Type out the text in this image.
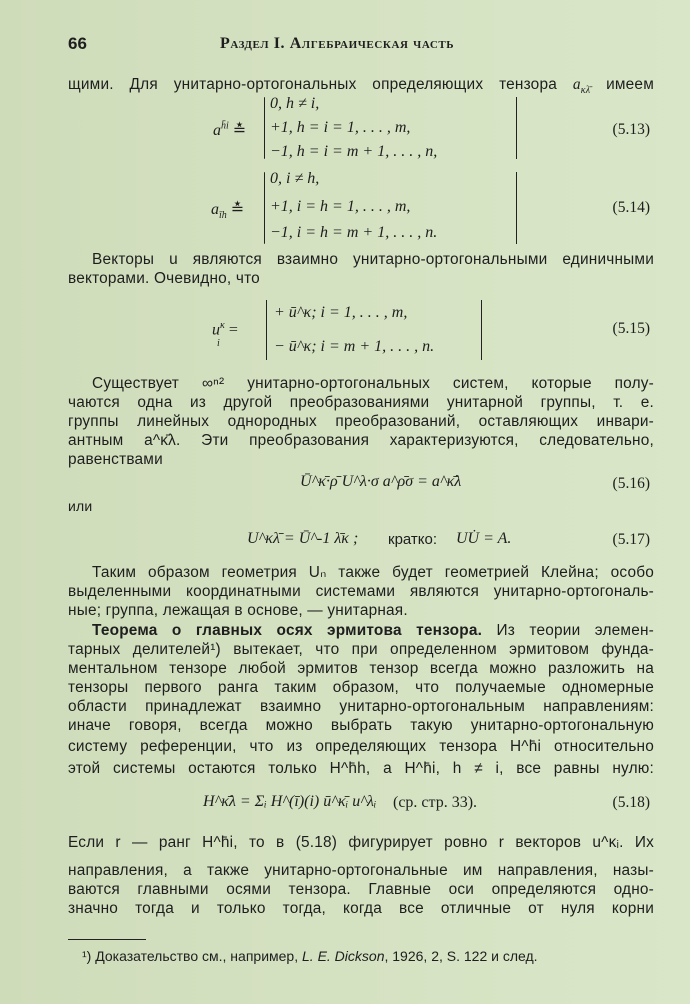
66	Раздел I. Алгебраическая часть
щими. Для унитарно-ортогональных определяющих тензора $a_{\kappa\lambdā}$ имеем
$a^{h̄i}$ ≛
0, h ≠ i,
+1, h = i = 1, . . . , m,
−1, h = i = m + 1, . . . , n,
(5.13)
$a_{īh}$ ≛
0, i ≠ h,
+1, i = h = 1, . . . , m,
−1, i = h = m + 1, . . . , n.
(5.14)
Векторы u являются взаимно унитарно-ортогональными единичными
векторами. Очевидно, что
$u^\kappa$ =
i
+ ū^κ; i = 1, . . . , m,
− ū^κ; i = m + 1, . . . , n.
(5.15)
Существует ∞ⁿ² унитарно-ортогональных систем, которые полу-
чаются одна из другой преобразованиями унитарной группы, т. е.
группы линейных однородных преобразований, оставляющих инвари-
антным a^κ̄λ. Эти преобразования характеризуются, следовательно,
равенствами
Ū^κ̄·ρ̄ U^λ·σ a^ρ̄σ = a^κ̄λ	(5.16)
или
U^κλ̄ = Ū^-1 λ̄κ ; кратко: UU̇ = A.	(5.17)
Таким образом геометрия Uₙ также будет геометрией Клейна; особо
выделенными координатными системами являются унитарно-ортогональ-
ные; группа, лежащая в основе, — унитарная.
Теорема о главных осях эрмитова тензора. Из теории элемен-
тарных делителей¹) вытекает, что при определенном эрмитовом фунда-
ментальном тензоре любой эрмитов тензор всегда можно разложить на
тензоры первого ранга таким образом, что получаемые одномерные
области принадлежат взаимно унитарно-ортогональным направлениям:
иначе говоря, всегда можно выбрать такую унитарно-ортогональную
систему референции, что из определяющих тензора H^h̄i относительно
этой системы остаются только H^h̄h, а H^h̄i, h ≠ i, все равны нулю:
H^κ̄λ = Σᵢ H^(ī)(i) ū^κ̄ᵢ u^λᵢ (ср. стр. 33).	(5.18)
Если r — ранг H^h̄i, то в (5.18) фигурирует ровно r векторов u^κᵢ. Их
направления, а также унитарно-ортогональные им направления, назы-
ваются главными осями тензора. Главные оси определяются одно-
значно тогда и только тогда, когда все отличные от нуля корни
¹) Доказательство см., например, L. E. Dickson, 1926, 2, S. 122 и след.
